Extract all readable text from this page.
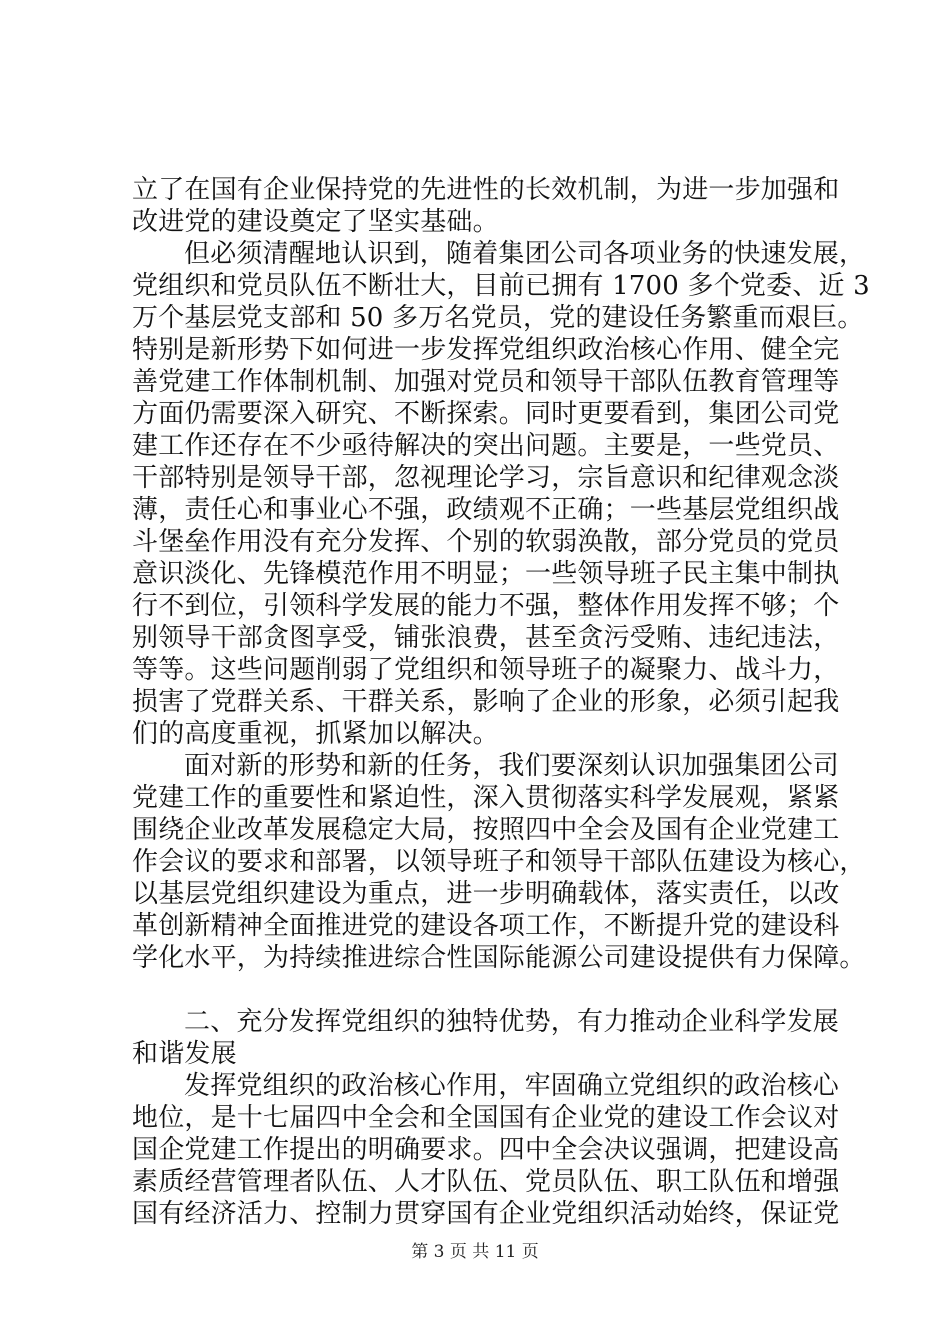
立了在国有企业保持党的先进性的长效机制，为进一步加强和
改进党的建设奠定了坚实基础。
但必须清醒地认识到，随着集团公司各项业务的快速发展，
党组织和党员队伍不断壮大，目前已拥有 1700 多个党委、近 3
万个基层党支部和 50 多万名党员，党的建设任务繁重而艰巨。
特别是新形势下如何进一步发挥党组织政治核心作用、健全完
善党建工作体制机制、加强对党员和领导干部队伍教育管理等
方面仍需要深入研究、不断探索。同时更要看到，集团公司党
建工作还存在不少亟待解决的突出问题。主要是，一些党员、
干部特别是领导干部，忽视理论学习，宗旨意识和纪律观念淡
薄，责任心和事业心不强，政绩观不正确；一些基层党组织战
斗堡垒作用没有充分发挥、个别的软弱涣散，部分党员的党员
意识淡化、先锋模范作用不明显；一些领导班子民主集中制执
行不到位，引领科学发展的能力不强，整体作用发挥不够；个
别领导干部贪图享受，铺张浪费，甚至贪污受贿、违纪违法，
等等。这些问题削弱了党组织和领导班子的凝聚力、战斗力，
损害了党群关系、干群关系，影响了企业的形象，必须引起我
们的高度重视，抓紧加以解决。
面对新的形势和新的任务，我们要深刻认识加强集团公司
党建工作的重要性和紧迫性，深入贯彻落实科学发展观，紧紧
围绕企业改革发展稳定大局，按照四中全会及国有企业党建工
作会议的要求和部署，以领导班子和领导干部队伍建设为核心，
以基层党组织建设为重点，进一步明确载体，落实责任，以改
革创新精神全面推进党的建设各项工作，不断提升党的建设科
学化水平，为持续推进综合性国际能源公司建设提供有力保障。
二、充分发挥党组织的独特优势，有力推动企业科学发展
和谐发展
发挥党组织的政治核心作用，牢固确立党组织的政治核心
地位，是十七届四中全会和全国国有企业党的建设工作会议对
国企党建工作提出的明确要求。四中全会决议强调，把建设高
素质经营管理者队伍、人才队伍、党员队伍、职工队伍和增强
国有经济活力、控制力贯穿国有企业党组织活动始终，保证党
第 3 页 共 11 页
